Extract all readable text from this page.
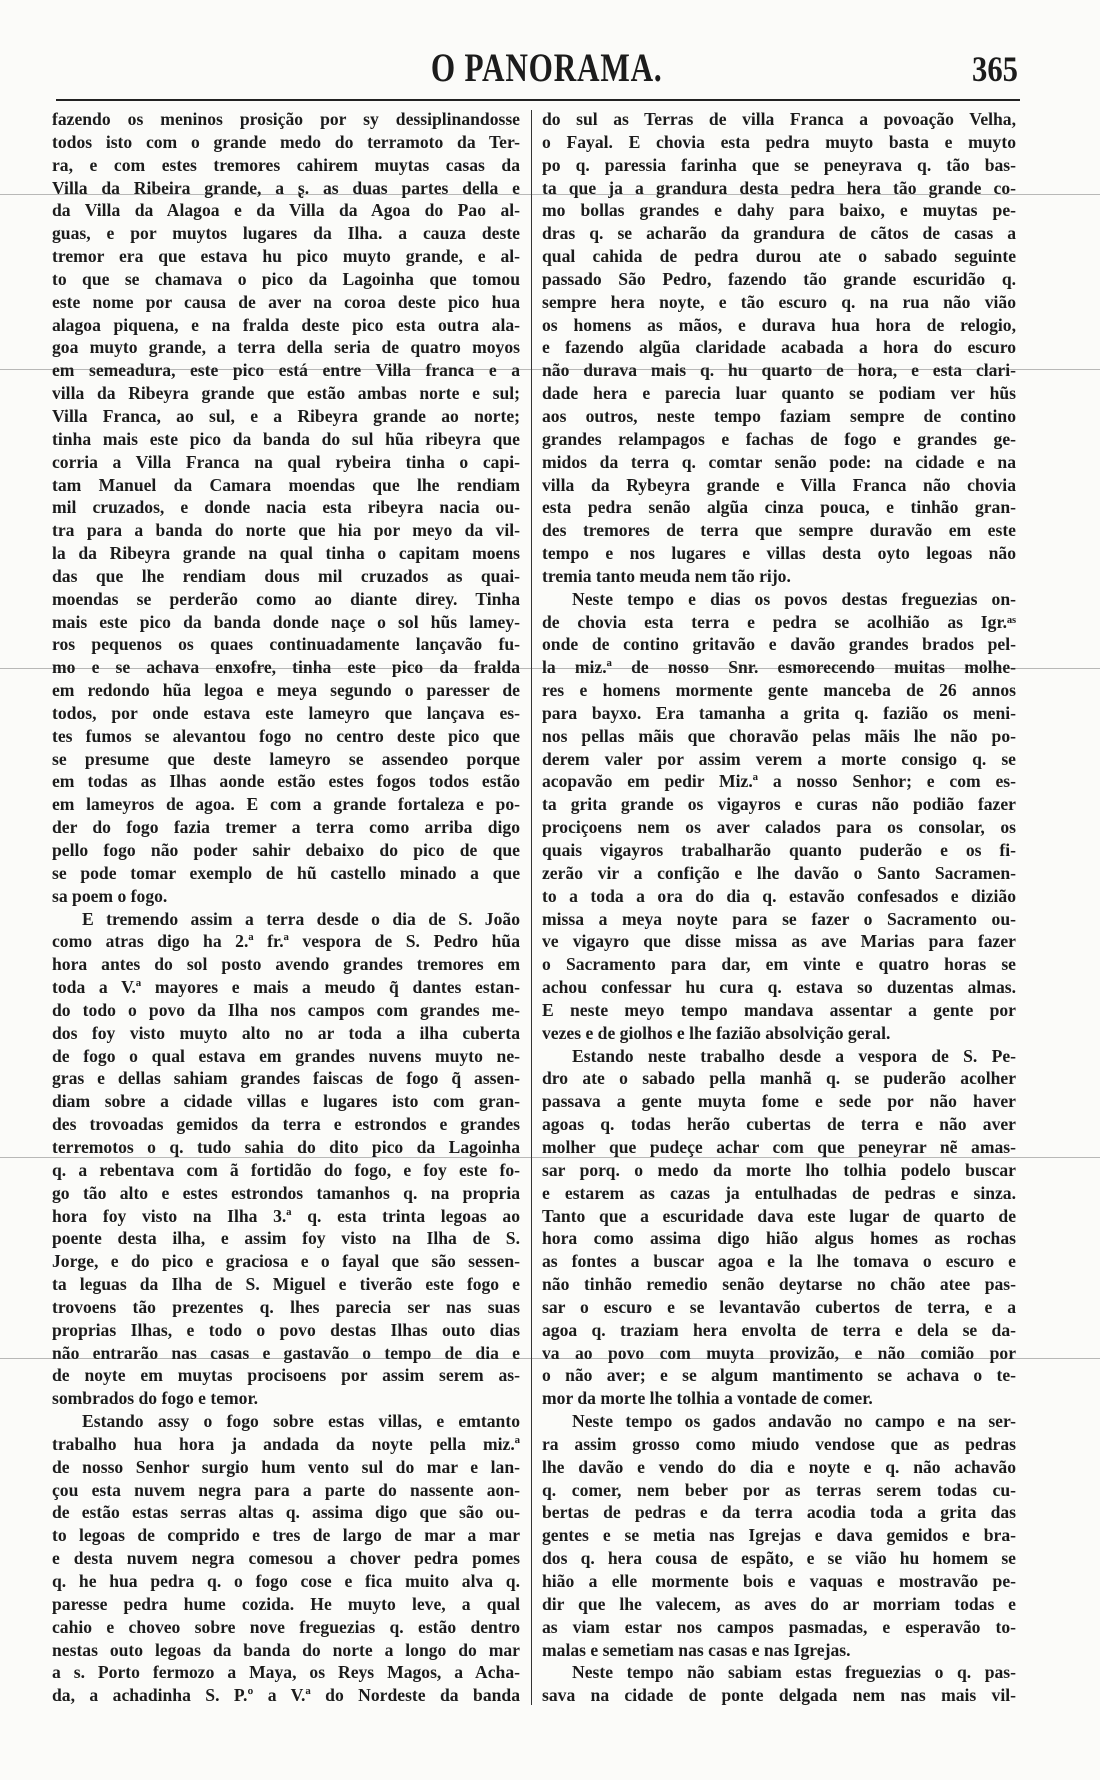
O PANORAMA.	365
fazendo os meninos prosição por sy dessiplinandosse
todos isto com o grande medo do terramoto da Ter-
ra, e com estes tremores cahirem muytas casas da
Villa da Ribeira grande, a ʂ. as duas partes della e
da Villa da Alagoa e da Villa da Agoa do Pao al-
guas, e por muytos lugares da Ilha. a cauza deste
tremor era que estava hu pico muyto grande, e al-
to que se chamava o pico da Lagoinha que tomou
este nome por causa de aver na coroa deste pico hua
alagoa piquena, e na fralda deste pico esta outra ala-
goa muyto grande, a terra della seria de quatro moyos
em semeadura, este pico está entre Villa franca e a
villa da Ribeyra grande que estão ambas norte e sul;
Villa Franca, ao sul, e a Ribeyra grande ao norte;
tinha mais este pico da banda do sul hũa ribeyra que
corria a Villa Franca na qual rybeira tinha o capi-
tam Manuel da Camara moendas que lhe rendiam
mil cruzados, e donde nacia esta ribeyra nacia ou-
tra para a banda do norte que hia por meyo da vil-
la da Ribeyra grande na qual tinha o capitam moens
das que lhe rendiam dous mil cruzados as quai-
moendas se perderão como ao diante direy. Tinha
mais este pico da banda donde naçe o sol hũs lamey-
ros pequenos os quaes continuadamente lançavão fu-
mo e se achava enxofre, tinha este pico da fralda
em redondo hũa legoa e meya segundo o paresser de
todos, por onde estava este lameyro que lançava es-
tes fumos se alevantou fogo no centro deste pico que
se presume que deste lameyro se assendeo porque
em todas as Ilhas aonde estão estes fogos todos estão
em lameyros de agoa. E com a grande fortaleza e po-
der do fogo fazia tremer a terra como arriba digo
pello fogo não poder sahir debaixo do pico de que
se pode tomar exemplo de hũ castello minado a que
sa poem o fogo.
E tremendo assim a terra desde o dia de S. João
como atras digo ha 2.ª fr.ª vespora de S. Pedro hũa
hora antes do sol posto avendo grandes tremores em
toda a V.ª mayores e mais a meudo q̃ dantes estan-
do todo o povo da Ilha nos campos com grandes me-
dos foy visto muyto alto no ar toda a ilha cuberta
de fogo o qual estava em grandes nuvens muyto ne-
gras e dellas sahiam grandes faiscas de fogo q̃ assen-
diam sobre a cidade villas e lugares isto com gran-
des trovoadas gemidos da terra e estrondos e grandes
terremotos o q. tudo sahia do dito pico da Lagoinha
q. a rebentava com ã fortidão do fogo, e foy este fo-
go tão alto e estes estrondos tamanhos q. na propria
hora foy visto na Ilha 3.ª q. esta trinta legoas ao
poente desta ilha, e assim foy visto na Ilha de S.
Jorge, e do pico e graciosa e o fayal que são sessen-
ta leguas da Ilha de S. Miguel e tiverão este fogo e
trovoens tão prezentes q. lhes parecia ser nas suas
proprias Ilhas, e todo o povo destas Ilhas outo dias
não entrarão nas casas e gastavão o tempo de dia e
de noyte em muytas procisoens por assim serem as-
sombrados do fogo e temor.
Estando assy o fogo sobre estas villas, e emtanto
trabalho hua hora ja andada da noyte pella miz.ª
de nosso Senhor surgio hum vento sul do mar e lan-
çou esta nuvem negra para a parte do nassente aon-
de estão estas serras altas q. assima digo que são ou-
to legoas de comprido e tres de largo de mar a mar
e desta nuvem negra comesou a chover pedra pomes
q. he hua pedra q. o fogo cose e fica muito alva q.
paresse pedra hume cozida. He muyto leve, a qual
cahio e choveo sobre nove freguezias q. estão dentro
nestas outo legoas da banda do norte a longo do mar
a s. Porto fermozo a Maya, os Reys Magos, a Acha-
da, a achadinha S. P.º a V.ª do Nordeste da banda
do sul as Terras de villa Franca a povoação Velha,
o Fayal. E chovia esta pedra muyto basta e muyto
po q. paressia farinha que se peneyrava q. tão bas-
ta que ja a grandura desta pedra hera tão grande co-
mo bollas grandes e dahy para baixo, e muytas pe-
dras q. se acharão da grandura de cãtos de casas a
qual cahida de pedra durou ate o sabado seguinte
passado São Pedro, fazendo tão grande escuridão q.
sempre hera noyte, e tão escuro q. na rua não vião
os homens as mãos, e durava hua hora de relogio,
e fazendo algũa claridade acabada a hora do escuro
não durava mais q. hu quarto de hora, e esta clari-
dade hera e parecia luar quanto se podiam ver hũs
aos outros, neste tempo faziam sempre de contino
grandes relampagos e fachas de fogo e grandes ge-
midos da terra q. comtar senão pode: na cidade e na
villa da Rybeyra grande e Villa Franca não chovia
esta pedra senão algũa cinza pouca, e tinhão gran-
des tremores de terra que sempre duravão em este
tempo e nos lugares e villas desta oyto legoas não
tremia tanto meuda nem tão rijo.
Neste tempo e dias os povos destas freguezias on-
de chovia esta terra e pedra se acolhião as Igr.ᵃˢ
onde de contino gritavão e davão grandes brados pel-
la miz.ª de nosso Snr. esmorecendo muitas molhe-
res e homens mormente gente manceba de 26 annos
para bayxo. Era tamanha a grita q. fazião os meni-
nos pellas mãis que choravão pelas mãis lhe não po-
derem valer por assim verem a morte consigo q. se
acopavão em pedir Miz.ª a nosso Senhor; e com es-
ta grita grande os vigayros e curas não podião fazer
prociçoens nem os aver calados para os consolar, os
quais vigayros trabalharão quanto puderão e os fi-
zerão vir a confição e lhe davão o Santo Sacramen-
to a toda a ora do dia q. estavão confesados e dizião
missa a meya noyte para se fazer o Sacramento ou-
ve vigayro que disse missa as ave Marias para fazer
o Sacramento para dar, em vinte e quatro horas se
achou confessar hu cura q. estava so duzentas almas.
E neste meyo tempo mandava assentar a gente por
vezes e de giolhos e lhe fazião absolvição geral.
Estando neste trabalho desde a vespora de S. Pe-
dro ate o sabado pella manhã q. se puderão acolher
passava a gente muyta fome e sede por não haver
agoas q. todas herão cubertas de terra e não aver
molher que pudeçe achar com que peneyrar nẽ amas-
sar porq. o medo da morte lho tolhia podelo buscar
e estarem as cazas ja entulhadas de pedras e sinza.
Tanto que a escuridade dava este lugar de quarto de
hora como assima digo hião algus homes as rochas
as fontes a buscar agoa e la lhe tomava o escuro e
não tinhão remedio senão deytarse no chão atee pas-
sar o escuro e se levantavão cubertos de terra, e a
agoa q. traziam hera envolta de terra e dela se da-
va ao povo com muyta provizão, e não comião por
o não aver; e se algum mantimento se achava o te-
mor da morte lhe tolhia a vontade de comer.
Neste tempo os gados andavão no campo e na ser-
ra assim grosso como miudo vendose que as pedras
lhe davão e vendo do dia e noyte e q. não achavão
q. comer, nem beber por as terras serem todas cu-
bertas de pedras e da terra acodia toda a grita das
gentes e se metia nas Igrejas e dava gemidos e bra-
dos q. hera cousa de espãto, e se vião hu homem se
hião a elle mormente bois e vaquas e mostravão pe-
dir que lhe valecem, as aves do ar morriam todas e
as viam estar nos campos pasmadas, e esperavão to-
malas e semetiam nas casas e nas Igrejas.
Neste tempo não sabiam estas freguezias o q. pas-
sava na cidade de ponte delgada nem nas mais vil-
